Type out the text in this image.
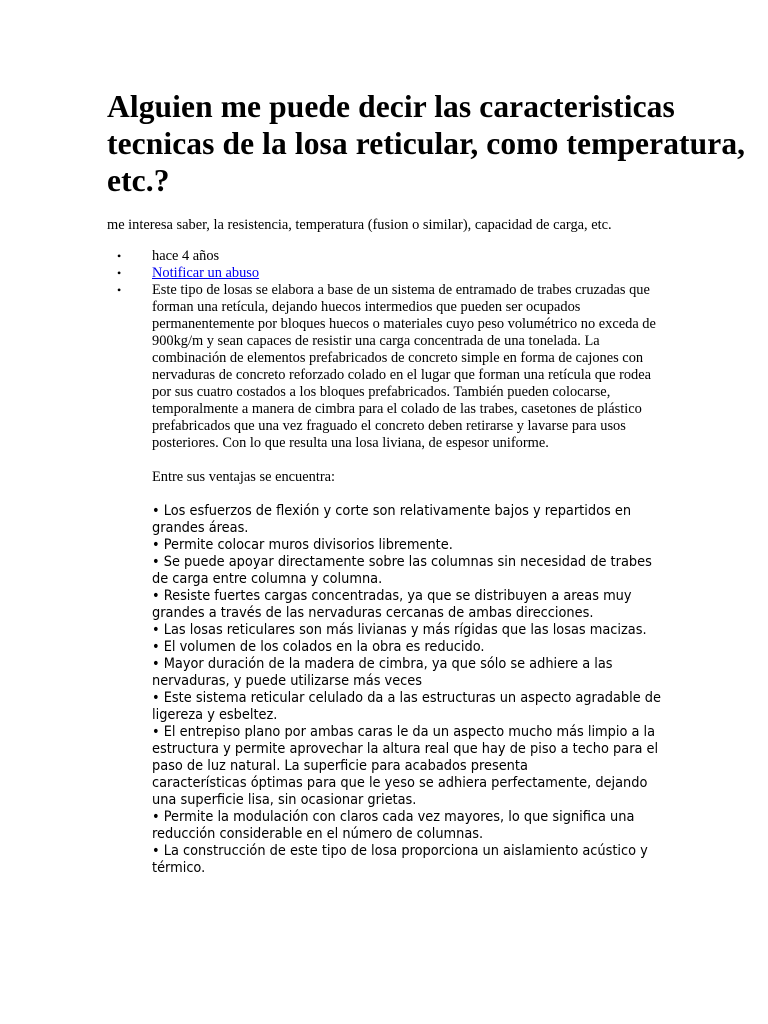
Alguien me puede decir las caracteristicas tecnicas de la losa reticular, como temperatura, etc.?

me interesa saber, la resistencia, temperatura (fusion o similar), capacidad de carga, etc.

• hace 4 años
• Notificar un abuso
• Este tipo de losas se elabora a base de un sistema de entramado de trabes cruzadas que forman una retícula, dejando huecos intermedios que pueden ser ocupados permanentemente por bloques huecos o materiales cuyo peso volumétrico no exceda de 900kg/m y sean capaces de resistir una carga concentrada de una tonelada. La combinación de elementos prefabricados de concreto simple en forma de cajones con nervaduras de concreto reforzado colado en el lugar que forman una retícula que rodea por sus cuatro costados a los bloques prefabricados. También pueden colocarse, temporalmente a manera de cimbra para el colado de las trabes, casetones de plástico

prefabricados que una vez fraguado el concreto deben retirarse y lavarse para usos posteriores. Con lo que resulta una losa liviana, de espesor uniforme.

Entre sus ventajas se encuentra:

• Los esfuerzos de flexión y corte son relativamente bajos y repartidos en grandes áreas.

• Permite colocar muros divisorios libremente.

• Se puede apoyar directamente sobre las columnas sin necesidad de trabes de carga entre columna y columna.

• Resiste fuertes cargas concentradas, ya que se distribuyen a areas muy grandes a través de las nervaduras cercanas de ambas direcciones.

• Las losas reticulares son más livianas y más rígidas que las losas macizas.

• El volumen de los colados en la obra es reducido.

• Mayor duración de la madera de cimbra, ya que sólo se adhiere a las nervaduras, y puede utilizarse más veces

• Este sistema reticular celulado da a las estructuras un aspecto agradable de ligereza y esbeltez.

• El entrepiso plano por ambas caras le da un aspecto mucho más limpio a la estructura y permite aprovechar la altura real que hay de piso a techo para el paso de luz natural. La superficie para acabados presenta

características óptimas para que le yeso se adhiera perfectamente, dejando una superficie lisa, sin ocasionar grietas.

• Permite la modulación con claros cada vez mayores, lo que significa una reducción considerable en el número de columnas.

• La construcción de este tipo de losa proporciona un aislamiento acústico y térmico.
